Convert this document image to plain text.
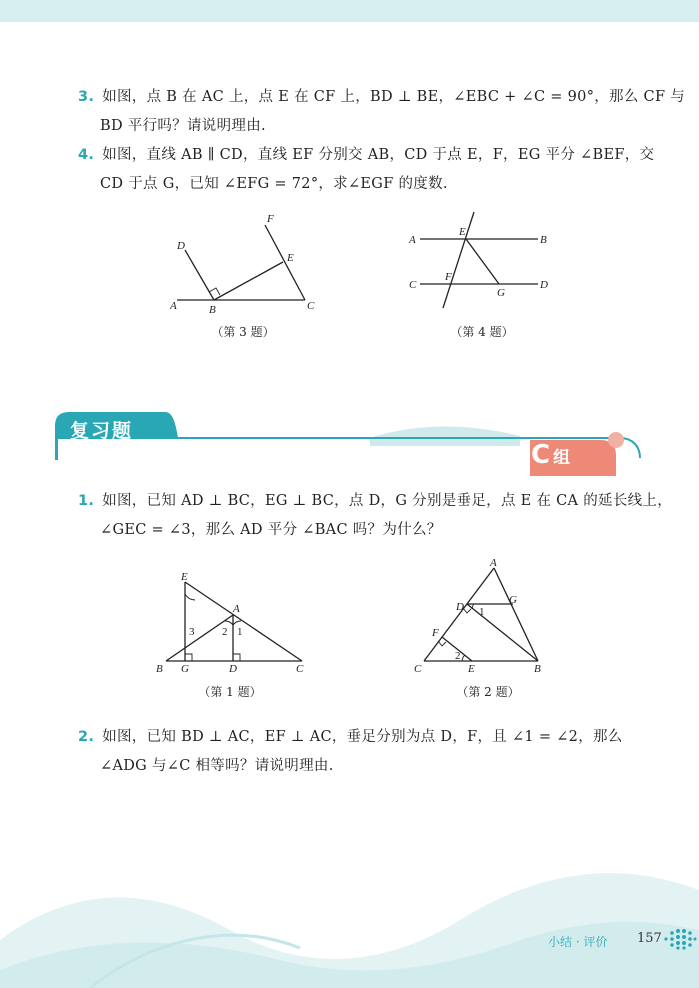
3. 如图，点 B 在 AC 上，点 E 在 CF 上，BD ⊥ BE，∠EBC + ∠C = 90°，那么 CF 与
BD 平行吗？请说明理由.
4. 如图，直线 AB ∥ CD，直线 EF 分别交 AB，CD 于点 E，F，EG 平分 ∠BEF，交
CD 于点 G，已知 ∠EFG = 72°，求∠EGF 的度数.
A	B	C
D
E
F
（第 3 题）
A	B
C	D
E
F
G
（第 4 题）
复习题
C组
1. 如图，已知 AD ⊥ BC，EG ⊥ BC，点 D，G 分别是垂足，点 E 在 CA 的延长线上，
∠GEC = ∠3，那么 AD 平分 ∠BAC 吗？为什么？
E
A
B G	D	C
3	2 1
（第 1 题）
A
D
G
F
C	E	B
1
2
（第 2 题）
2. 如图，已知 BD ⊥ AC，EF ⊥ AC，垂足分别为点 D，F，且 ∠1 = ∠2，那么
∠ADG 与∠C 相等吗？请说明理由.
小结 · 评价 157
